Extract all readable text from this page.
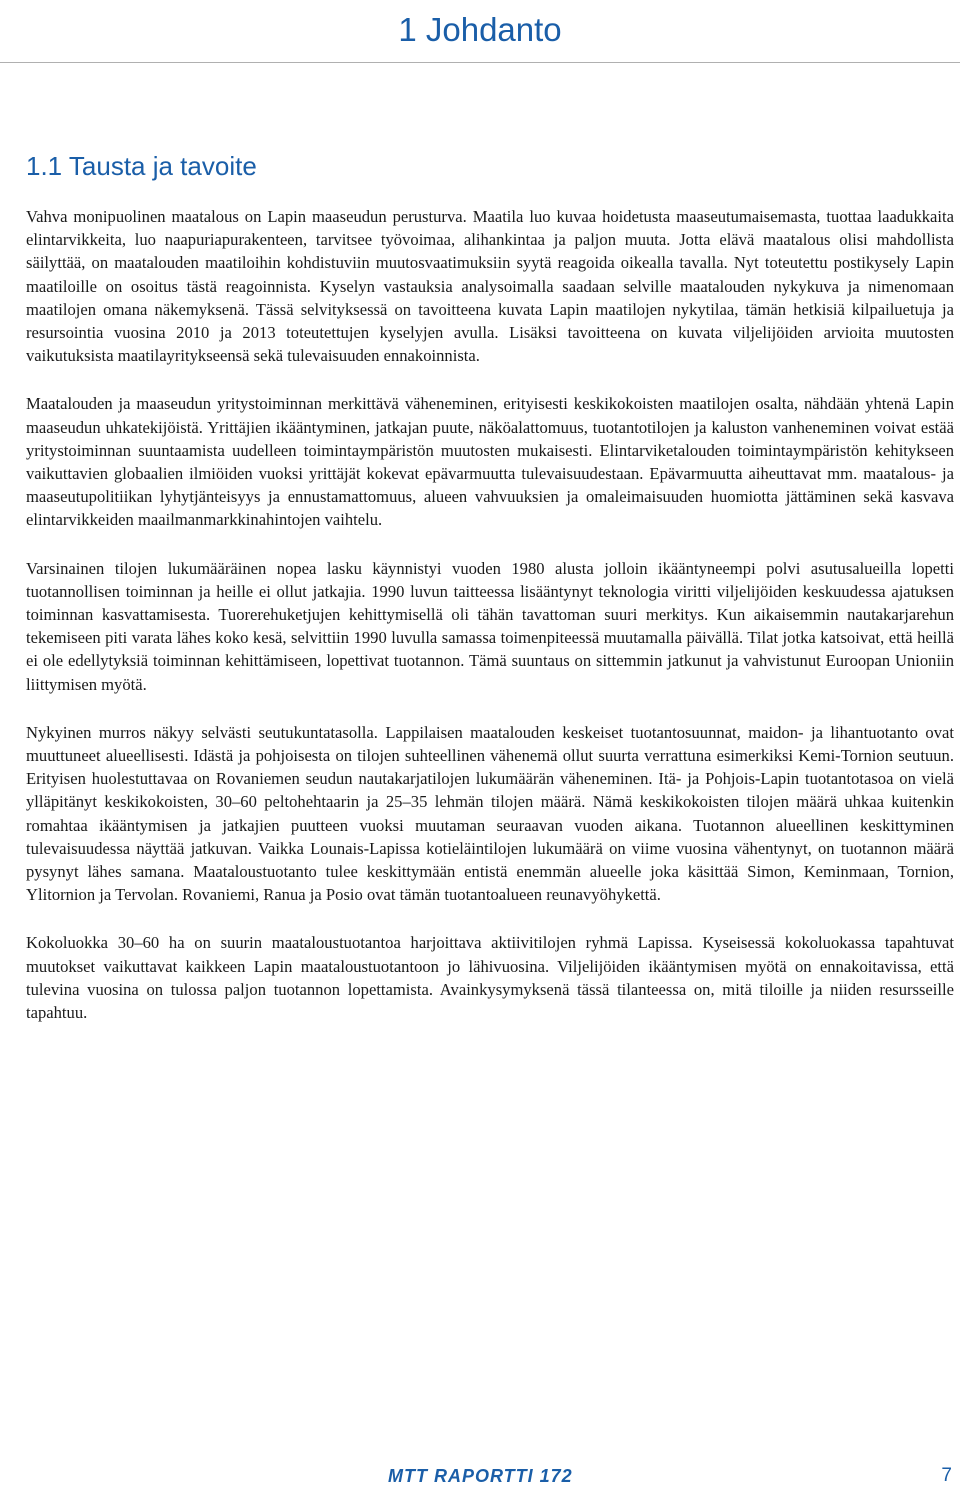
1 Johdanto
1.1 Tausta ja tavoite

Vahva monipuolinen maatalous on Lapin maaseudun perusturva. Maatila luo kuvaa hoidetusta maaseutumaisemasta, tuottaa laadukkaita elintarvikkeita, luo naapuriapurakenteen, tarvitsee työvoimaa, alihankintaa ja paljon muuta. Jotta elävä maatalous olisi mahdollista säilyttää, on maatalouden maatiloihin kohdistuviin muutosvaatimuksiin syytä reagoida oikealla tavalla. Nyt toteutettu postikysely Lapin maatiloille on osoitus tästä reagoinnista. Kyselyn vastauksia analysoimalla saadaan selville maatalouden nykykuva ja nimenomaan maatilojen omana näkemyksenä. Tässä selvityksessä on tavoitteena kuvata Lapin maatilojen nykytilaa, tämän hetkisiä kilpailuetuja ja resursointia vuosina 2010 ja 2013 toteutettujen kyselyjen avulla. Lisäksi tavoitteena on kuvata viljelijöiden arvioita muutosten vaikutuksista maatilayritykseensä sekä tulevaisuuden ennakoinnista.

Maatalouden ja maaseudun yritystoiminnan merkittävä väheneminen, erityisesti keskikokoisten maatilojen osalta, nähdään yhtenä Lapin maaseudun uhkatekijöistä. Yrittäjien ikääntyminen, jatkajan puute, näköalattomuus, tuotantotilojen ja kaluston vanheneminen voivat estää yritystoiminnan suuntaamista uudelleen toimintaympäristön muutosten mukaisesti. Elintarviketalouden toimintaympäristön kehitykseen vaikuttavien globaalien ilmiöiden vuoksi yrittäjät kokevat epävarmuutta tulevaisuudestaan. Epävarmuutta aiheuttavat mm. maatalous- ja maaseutupolitiikan lyhytjänteisyys ja ennustamattomuus, alueen vahvuuksien ja omaleimaisuuden huomiotta jättäminen sekä kasvava elintarvikkeiden maailmanmarkkinahintojen vaihtelu.

Varsinainen tilojen lukumääräinen nopea lasku käynnistyi vuoden 1980 alusta jolloin ikääntyneempi polvi asutusalueilla lopetti tuotannollisen toiminnan ja heille ei ollut jatkajia. 1990 luvun taitteessa lisääntynyt teknologia viritti viljelijöiden keskuudessa ajatuksen toiminnan kasvattamisesta. Tuorerehuketjujen kehittymisellä oli tähän tavattoman suuri merkitys. Kun aikaisemmin nautakarjarehun tekemiseen piti varata lähes koko kesä, selvittiin 1990 luvulla samassa toimenpiteessä muutamalla päivällä. Tilat jotka katsoivat, että heillä ei ole edellytyksiä toiminnan kehittämiseen, lopettivat tuotannon. Tämä suuntaus on sittemmin jatkunut ja vahvistunut Euroopan Unioniin liittymisen myötä.

Nykyinen murros näkyy selvästi seutukuntatasolla. Lappilaisen maatalouden keskeiset tuotantosuunnat, maidon- ja lihantuotanto ovat muuttuneet alueellisesti. Idästä ja pohjoisesta on tilojen suhteellinen vähenemä ollut suurta verrattuna esimerkiksi Kemi-Tornion seutuun. Erityisen huolestuttavaa on Rovaniemen seudun nautakarjatilojen lukumäärän väheneminen. Itä- ja Pohjois-Lapin tuotantotasoa on vielä ylläpitänyt keskikokoisten, 30–60 peltohehtaarin ja 25–35 lehmän tilojen määrä. Nämä keskikokoisten tilojen määrä uhkaa kuitenkin romahtaa ikääntymisen ja jatkajien puutteen vuoksi muutaman seuraavan vuoden aikana. Tuotannon alueellinen keskittyminen tulevaisuudessa näyttää jatkuvan. Vaikka Lounais-Lapissa kotieläintilojen lukumäärä on viime vuosina vähentynyt, on tuotannon määrä pysynyt lähes samana. Maataloustuotanto tulee keskittymään entistä enemmän alueelle joka käsittää Simon, Keminmaan, Tornion, Ylitornion ja Tervolan. Rovaniemi, Ranua ja Posio ovat tämän tuotantoalueen reunavyöhykettä.

Kokoluokka 30–60 ha on suurin maataloustuotantoa harjoittava aktiivitilojen ryhmä Lapissa. Kyseisessä kokoluokassa tapahtuvat muutokset vaikuttavat kaikkeen Lapin maataloustuotantoon jo lähivuosina. Viljelijöiden ikääntymisen myötä on ennakoitavissa, että tulevina vuosina on tulossa paljon tuotannon lopettamista. Avainkysymyksenä tässä tilanteessa on, mitä tiloille ja niiden resursseille tapahtuu.

MTT RAPORTTI 172	7
